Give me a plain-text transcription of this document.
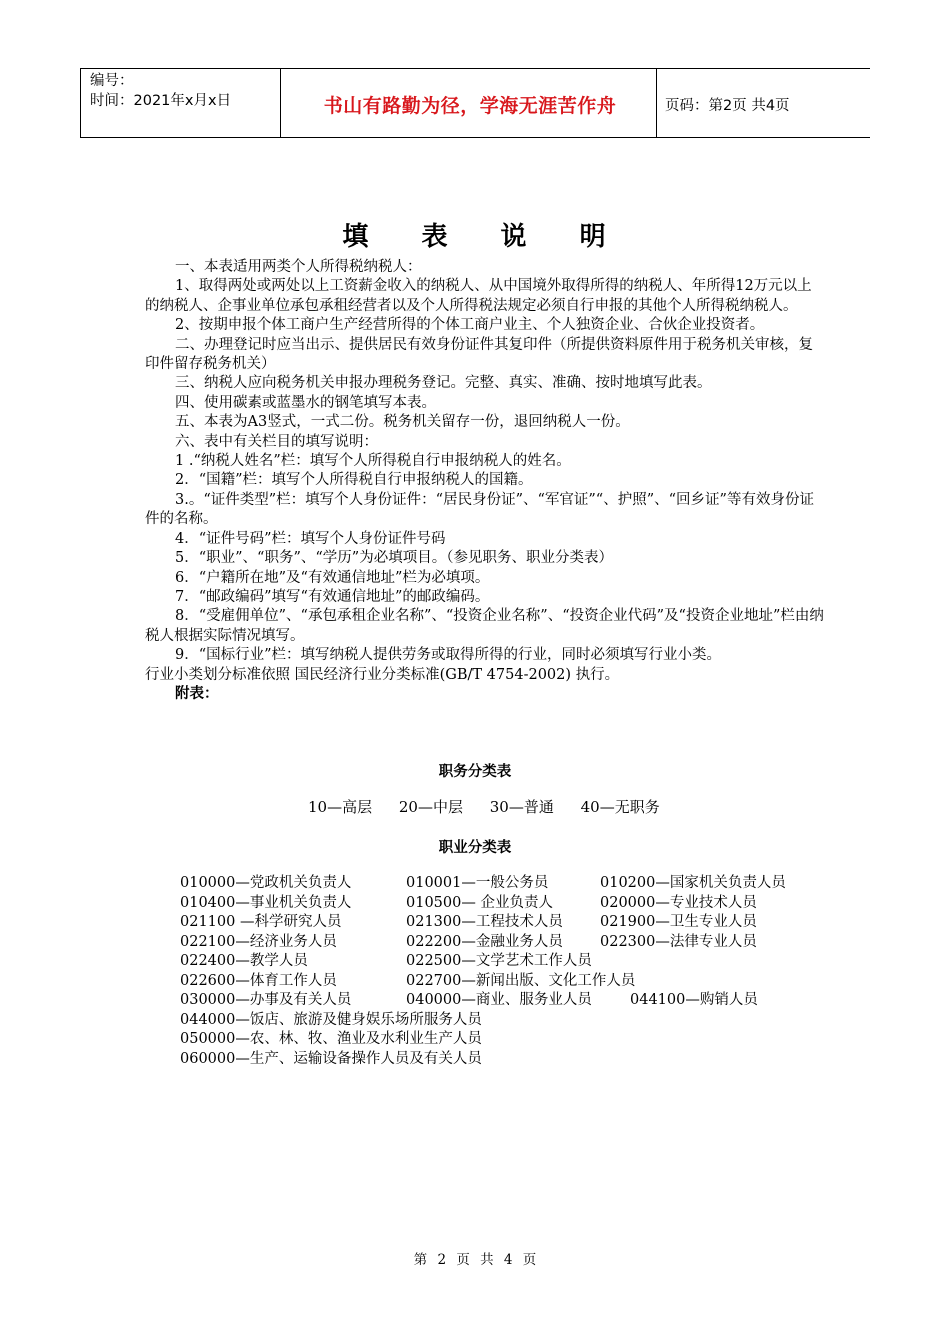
编号：
时间：2021年x月x日	书山有路勤为径，学海无涯苦作舟	页码：第2页 共4页
填 表 说 明

一、本表适用两类个人所得税纳税人：

1、取得两处或两处以上工资薪金收入的纳税人、从中国境外取得所得的纳税人、年所得12万元以上的纳税人、企事业单位承包承租经营者以及个人所得税法规定必须自行申报的其他个人所得税纳税人。

2、按期申报个体工商户生产经营所得的个体工商户业主、个人独资企业、合伙企业投资者。

二、办理登记时应当出示、提供居民有效身份证件其复印件（所提供资料原件用于税务机关审核，复印件留存税务机关）

三、纳税人应向税务机关申报办理税务登记。完整、真实、准确、按时地填写此表。

四、使用碳素或蓝墨水的钢笔填写本表。

五、本表为A3竖式，一式二份。税务机关留存一份，退回纳税人一份。

六、表中有关栏目的填写说明：

1 .“纳税人姓名”栏：填写个人所得税自行申报纳税人的姓名。

2．“国籍”栏：填写个人所得税自行申报纳税人的国籍。

3.。“证件类型”栏：填写个人身份证件：“居民身份证”、“军官证”“、护照”、“回乡证”等有效身份证件的名称。

4．“证件号码”栏：填写个人身份证件号码

5．“职业”、“职务”、“学历”为必填项目。（参见职务、职业分类表）

6．“户籍所在地”及“有效通信地址”栏为必填项。

7．“邮政编码”填写“有效通信地址”的邮政编码。

8．“受雇佣单位”、“承包承租企业名称”、“投资企业名称”、“投资企业代码”及“投资企业地址”栏由纳税人根据实际情况填写。

9．“国标行业”栏：填写纳税人提供劳务或取得所得的行业，同时必须填写行业小类。

行业小类划分标准依照 国民经济行业分类标准(GB/T 4754-2002) 执行。

附表：

职务分类表
10—高层 20—中层 30—普通 40—无职务
职业分类表
010000—党政机关负责人	010001—一般公务员	010200—国家机关负责人员
010400—事业机关负责人	010500— 企业负责人	020000—专业技术人员
021100 —科学研究人员	021300—工程技术人员	021900—卫生专业人员
022100—经济业务人员	022200—金融业务人员	022300—法律专业人员
022400—教学人员	022500—文学艺术工作人员
022600—体育工作人员	022700—新闻出版、文化工作人员
030000—办事及有关人员	040000—商业、服务业人员	044100—购销人员
044000—饭店、旅游及健身娱乐场所服务人员
050000—农、林、牧、渔业及水利业生产人员
060000—生产、运输设备操作人员及有关人员
第 2 页 共 4 页
